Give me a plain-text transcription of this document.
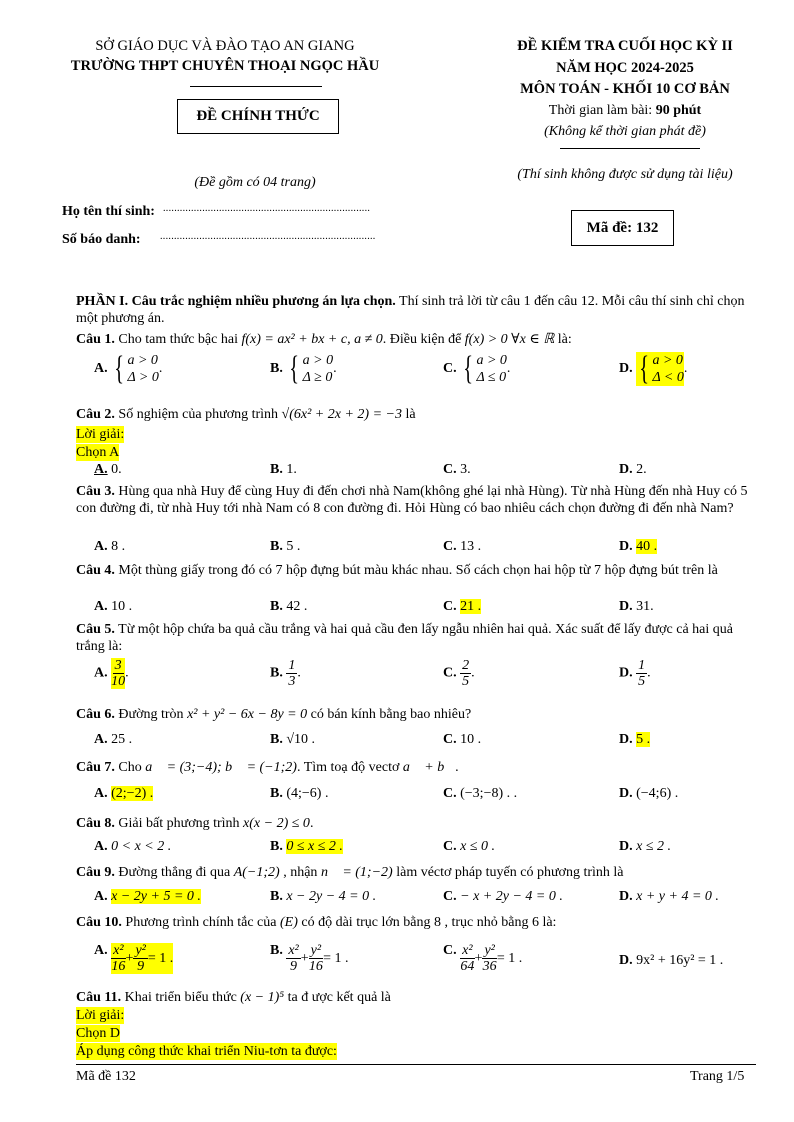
SỞ GIÁO DỤC VÀ ĐÀO TẠO AN GIANG
TRƯỜNG THPT CHUYÊN THOẠI NGỌC HẦU
ĐỀ CHÍNH THỨC
(Đề gồm có 04 trang)
ĐỀ KIỂM TRA CUỐI HỌC KỲ II
NĂM HỌC 2024-2025
MÔN TOÁN - KHỐI 10 CƠ BẢN
Thời gian làm bài: 90 phút
(Không kể thời gian phát đề)
(Thí sinh không được sử dụng tài liệu)
Họ tên thí sinh: ..........................................................................
Số báo danh: .............................................................................
Mã đề: 132
PHẦN I. Câu trắc nghiệm nhiều phương án lựa chọn. Thí sinh trả lời từ câu 1 đến câu 12. Mỗi câu thí sinh chỉ chọn một phương án.
Câu 1. Cho tam thức bậc hai f(x) = ax² + bx + c, a ≠ 0. Điều kiện để f(x) > 0 ∀x ∈ ℝ là:
A. { a > 0
Δ > 0
.	B. { a > 0
Δ ≥ 0
.	C. { a > 0
Δ ≤ 0
.	D. { a > 0
Δ < 0
.
Câu 2. Số nghiệm của phương trình √(6x² + 2x + 2) = −3 là
Lời giải:
Chọn A
A. 0.	B. 1.	C. 3.	D. 2.
Câu 3. Hùng qua nhà Huy để cùng Huy đi đến chơi nhà Nam(không ghé lại nhà Hùng). Từ nhà Hùng đến nhà Huy có 5 con đường đi, từ nhà Huy tới nhà Nam có 8 con đường đi. Hỏi Hùng có bao nhiêu cách chọn đường đi đến nhà Nam?
A. 8 .	B. 5 .	C. 13 .	D. 40 .
Câu 4. Một thùng giấy trong đó có 7 hộp đựng bút màu khác nhau. Số cách chọn hai hộp từ 7 hộp đựng bút trên là
A. 10 .	B. 42 .	C. 21 .	D. 31.
Câu 5. Từ một hộp chứa ba quả cầu trắng và hai quả cầu đen lấy ngẫu nhiên hai quả. Xác suất để lấy được cả hai quả trắng là:
A. $\frac{3}{10}$ .	B. $\frac{1}{3}$ .	C. $\frac{2}{5}$ .	D. $\frac{1}{5}$ .
Câu 6. Đường tròn x² + y² − 6x − 8y = 0 có bán kính bằng bao nhiêu?
A. 25 .	B. √10 .	C. 10 .	D. 5 .
Câu 7. Cho a⃗ = (3;−4); b⃗ = (−1;2). Tìm toạ độ vectơ a⃗ + b⃗.
A. (2;−2) .	B. (4;−6) .	C. (−3;−8) . .	D. (−4;6) .
Câu 8. Giải bất phương trình x(x − 2) ≤ 0.
A. 0 < x < 2 .	B. 0 ≤ x ≤ 2 .	C. x ≤ 0 .	D. x ≤ 2 .
Câu 9. Đường thẳng đi qua A(−1;2) , nhận n⃗ = (1;−2) làm véctơ pháp tuyến có phương trình là
A. x − 2y + 5 = 0 .	B. x − 2y − 4 = 0 .	C. − x + 2y − 4 = 0 .	D. x + y + 4 = 0 .
Câu 10. Phương trình chính tắc của (E) có độ dài trục lớn bằng 8 , trục nhỏ bằng 6 là:
A. $\frac{\text{x²}}{16} + \frac{\text{y²}}{9} = 1$ .	B. $\frac{\text{x²}}{9} + \frac{\text{y²}}{16} = 1$ .	C. $\frac{\text{x²}}{64} + \frac{\text{y²}}{36} = 1$ .	D. 9x² + 16y² = 1 .
Câu 11. Khai triển biểu thức (x − 1)⁵ ta đ ược kết quả là
Lời giải:
Chọn D
Áp dụng công thức khai triển Niu-tơn ta được:
Mã đề 132	Trang 1/5
